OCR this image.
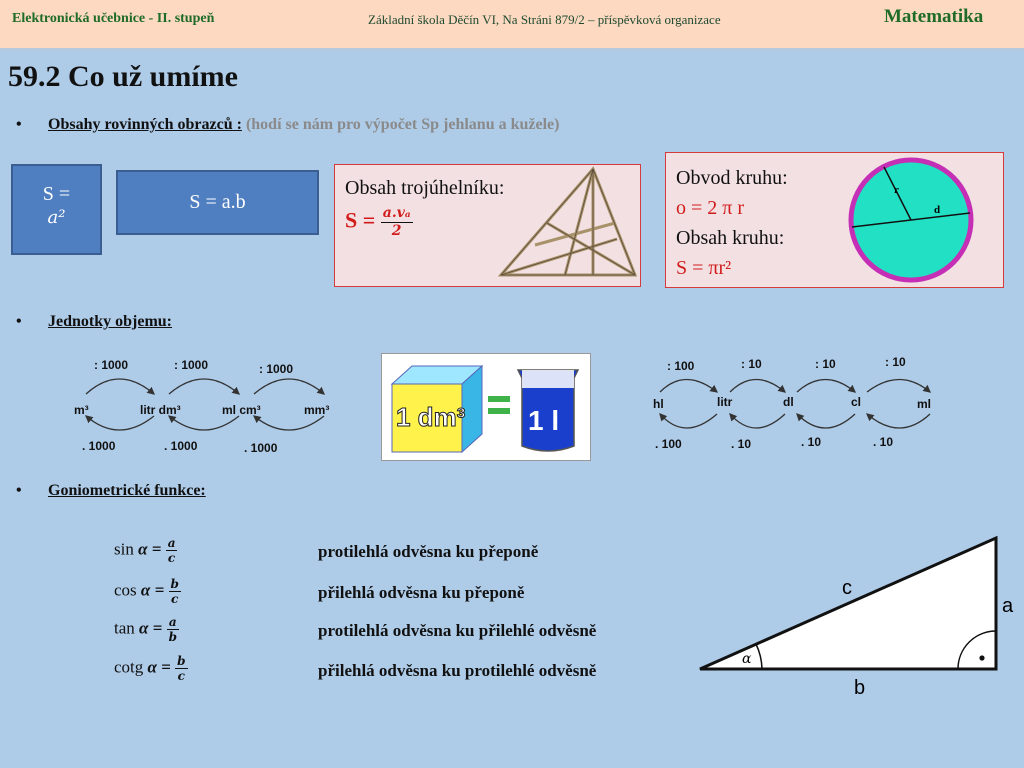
Elektronická učebnice - II. stupeň	Základní škola Děčín VI, Na Stráni 879/2 – příspěvková organizace	Matematika
59.2 Co už umíme
• Obsahy rovinných obrazců : (hodí se nám pro výpočet Sp jehlanu a kužele)
S =
a²
S = a.b
Obsah trojúhelníku:
$S = \frac{\text{a.vₐ}}{2}$
Obvod kruhu:
o = 2 π r
Obsah kruhu:
S = πr²
r
d
• Jednotky objemu:
: 1000	: 1000	: 1000
m³	litr dm³	ml cm³	mm³
. 1000	. 1000	. 1000
1 dm³ 1 l
: 100	: 10	: 10	: 10
hl	litr	dl	cl	ml
. 100	. 10	. 10	. 10
• Goniometrické funkce:
$\sin \alpha = \frac{a}{c}$	protilehlá odvěsna ku přeponě
$\cos \alpha = \frac{b}{c}$	přilehlá odvěsna ku přeponě
$\tan \alpha = \frac{a}{b}$	protilehlá odvěsna ku přilehlé odvěsně
cotg $\alpha = \frac{b}{c}$	přilehlá odvěsna ku protilehlé odvěsně
α
c
a
b
